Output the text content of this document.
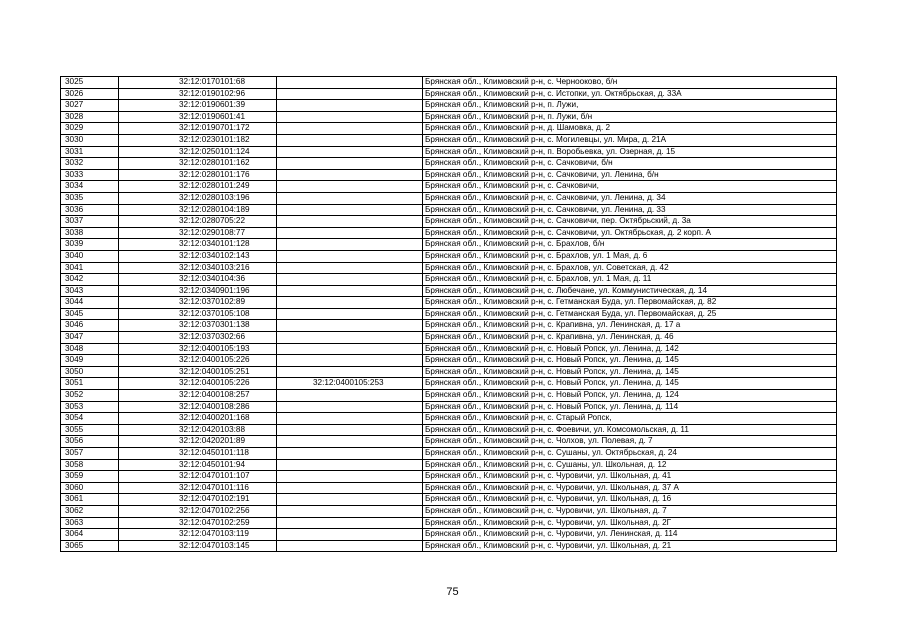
3025	32:12:0170101:68		Брянская обл., Климовский р-н, с. Черноокoво, б/н
3026	32:12:0190102:96		Брянская обл., Климовский р-н, с. Истопки, ул. Октябрьская, д. 33А
3027	32:12:0190601:39		Брянская обл., Климовский р-н, п. Лужи,
3028	32:12:0190601:41		Брянская обл., Климовский р-н, п. Лужи, б/н
3029	32:12:0190701:172		Брянская обл., Климовский р-н, д. Шамовка, д. 2
3030	32:12:0230101:182		Брянская обл., Климовский р-н, с. Могилевцы, ул. Мира, д. 21А
3031	32:12:0250101:124		Брянская обл., Климовский р-н, п. Воробьевка, ул. Озерная, д. 15
3032	32:12:0280101:162		Брянская обл., Климовский р-н, с. Сачковичи, б/н
3033	32:12:0280101:176		Брянская обл., Климовский р-н, с. Сачковичи, ул. Ленина, б/н
3034	32:12:0280101:249		Брянская обл., Климовский р-н, с. Сачковичи,
3035	32:12:0280103:196		Брянская обл., Климовский р-н, с. Сачковичи, ул. Ленина, д. 34
3036	32:12:0280104:189		Брянская обл., Климовский р-н, с. Сачковичи, ул. Ленина, д. 33
3037	32:12:0280705:22		Брянская обл., Климовский р-н, с. Сачковичи, пер. Октябрьский, д. 3а
3038	32:12:0290108:77		Брянская обл., Климовский р-н, с. Сачковичи, ул. Октябрьская, д. 2 корп. А
3039	32:12:0340101:128		Брянская обл., Климовский р-н, с. Брахлов, б/н
3040	32:12:0340102:143		Брянская обл., Климовский р-н, с. Брахлов, ул. 1 Мая, д. 6
3041	32:12:0340103:216		Брянская обл., Климовский р-н, с. Брахлов, ул. Советская, д. 42
3042	32:12:0340104:36		Брянская обл., Климовский р-н, с. Брахлов, ул. 1 Мая, д. 11
3043	32:12:0340901:196		Брянская обл., Климовский р-н, с. Любечане, ул. Коммунистическая, д. 14
3044	32:12:0370102:89		Брянская обл., Климовский р-н, с. Гетманская Буда, ул. Первомайская, д. 82
3045	32:12:0370105:108		Брянская обл., Климовский р-н, с. Гетманская Буда, ул. Первомайская, д. 25
3046	32:12:0370301:138		Брянская обл., Климовский р-н, с. Крапивна, ул. Ленинская, д. 17 а
3047	32:12:0370302:66		Брянская обл., Климовский р-н, с. Крапивна, ул. Ленинская, д. 46
3048	32:12:0400105:193		Брянская обл., Климовский р-н, с. Новый Ропск, ул. Ленина, д. 142
3049	32:12:0400105:226		Брянская обл., Климовский р-н, с. Новый Ропск, ул. Ленина, д. 145
3050	32:12:0400105:251		Брянская обл., Климовский р-н, с. Новый Ропск, ул. Ленина, д. 145
3051	32:12:0400105:226	32:12:0400105:253	Брянская обл., Климовский р-н, с. Новый Ропск, ул. Ленина, д. 145
3052	32:12:0400108:257		Брянская обл., Климовский р-н, с. Новый Ропск, ул. Ленина, д. 124
3053	32:12:0400108:286		Брянская обл., Климовский р-н, с. Новый Ропск, ул. Ленина, д. 114
3054	32:12:0400201:168		Брянская обл., Климовский р-н, с. Старый Ропск,
3055	32:12:0420103:88		Брянская обл., Климовский р-н, с. Фоевичи, ул. Комсомольская, д. 11
3056	32:12:0420201:89		Брянская обл., Климовский р-н, с. Чолхов, ул. Полевая, д. 7
3057	32:12:0450101:118		Брянская обл., Климовский р-н, с. Сушаны, ул. Октябрьская, д. 24
3058	32:12:0450101:94		Брянская обл., Климовский р-н, с. Сушаны, ул. Школьная, д. 12
3059	32:12:0470101:107		Брянская обл., Климовский р-н, с. Чуровичи, ул. Школьная, д. 41
3060	32:12:0470101:116		Брянская обл., Климовский р-н, с. Чуровичи, ул. Школьная, д. 37 А
3061	32:12:0470102:191		Брянская обл., Климовский р-н, с. Чуровичи, ул. Школьная, д. 16
3062	32:12:0470102:256		Брянская обл., Климовский р-н, с. Чуровичи, ул. Школьная, д. 7
3063	32:12:0470102:259		Брянская обл., Климовский р-н, с. Чуровичи, ул. Школьная, д. 2Г
3064	32:12:0470103:119		Брянская обл., Климовский р-н, с. Чуровичи, ул. Ленинская, д. 114
3065	32:12:0470103:145		Брянская обл., Климовский р-н, с. Чуровичи, ул. Школьная, д. 21
75
